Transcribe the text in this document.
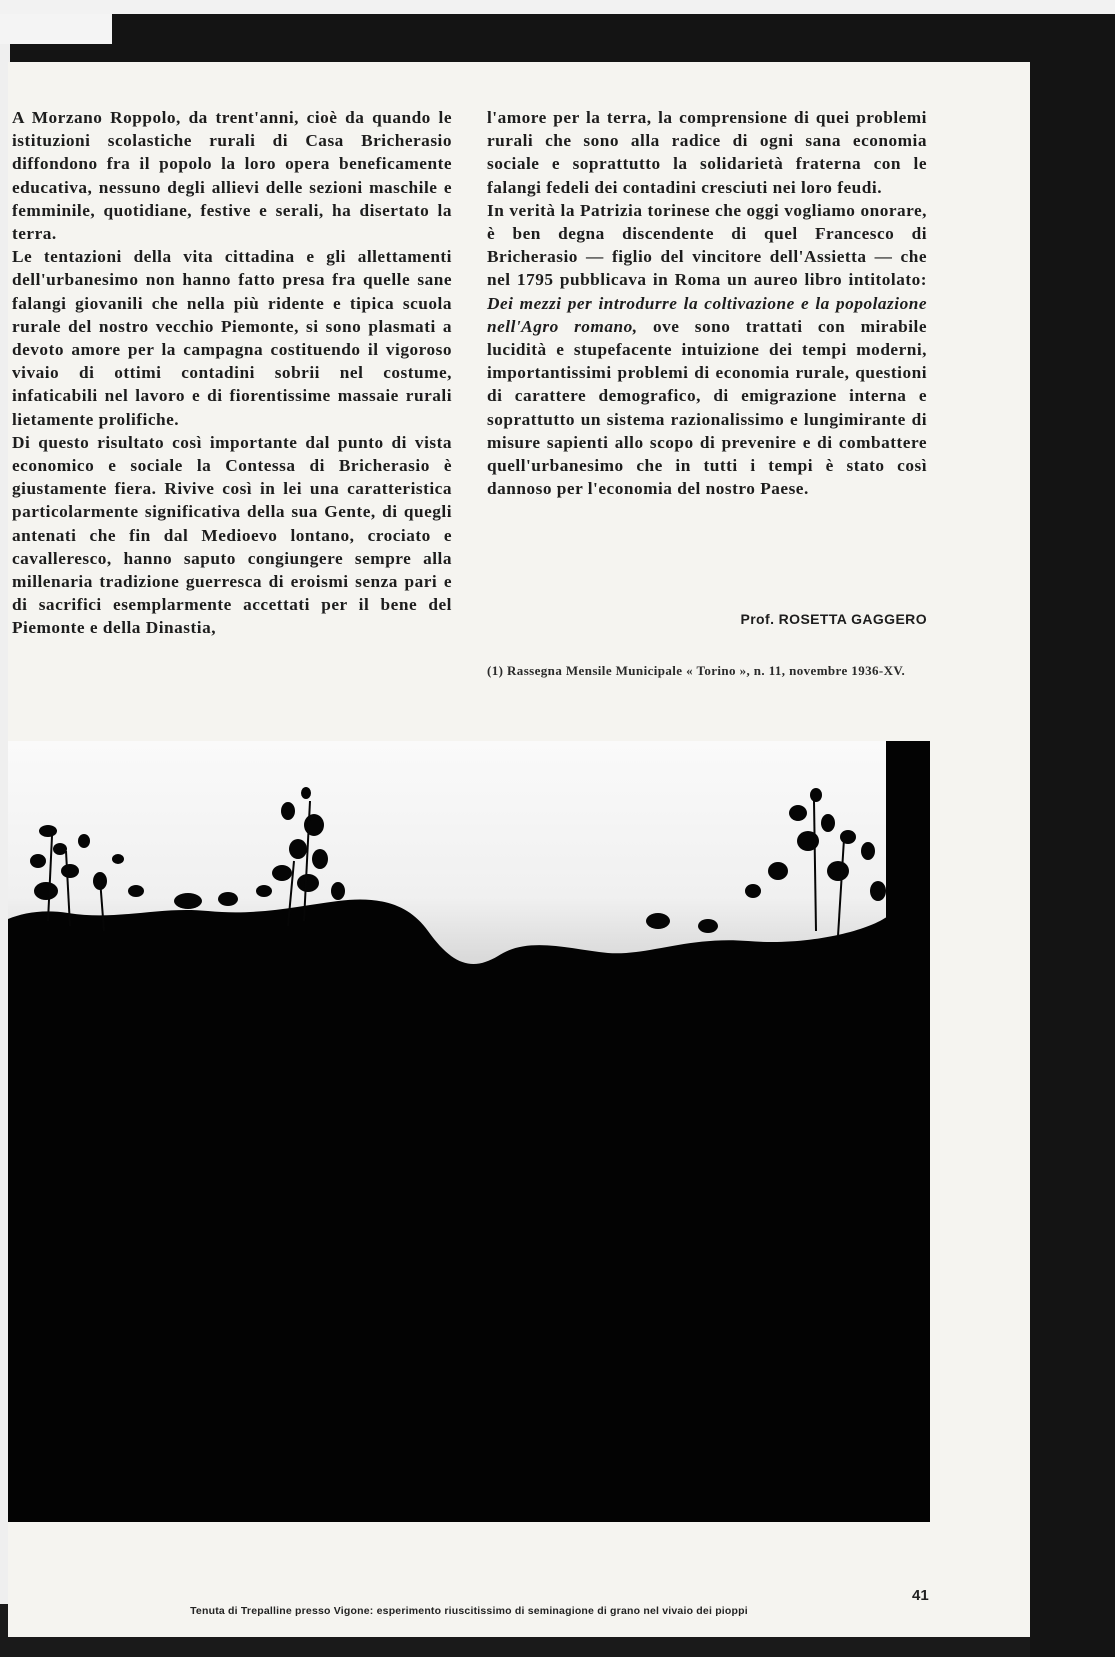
A Morzano Roppolo, da trent'anni, cioè da quando le istituzioni scolastiche rurali di Casa Bricherasio diffondono fra il popolo la loro opera beneficamente educativa, nessuno degli allievi delle sezioni maschile e femminile, quotidiane, festive e serali, ha disertato la terra.

Le tentazioni della vita cittadina e gli allettamenti dell'urbanesimo non hanno fatto presa fra quelle sane falangi giovanili che nella più ridente e tipica scuola rurale del nostro vecchio Piemonte, si sono plasmati a devoto amore per la campagna costituendo il vigoroso vivaio di ottimi contadini sobrii nel costume, infaticabili nel lavoro e di fiorentissime massaie rurali lietamente prolifiche.

Di questo risultato così importante dal punto di vista economico e sociale la Contessa di Bricherasio è giustamente fiera. Rivive così in lei una caratteristica particolarmente significativa della sua Gente, di quegli antenati che fin dal Medioevo lontano, crociato e cavalleresco, hanno saputo congiungere sempre alla millenaria tradizione guerresca di eroismi senza pari e di sacrifici esemplarmente accettati per il bene del Piemonte e della Dinastia,

l'amore per la terra, la comprensione di quei problemi rurali che sono alla radice di ogni sana economia sociale e soprattutto la solidarietà fraterna con le falangi fedeli dei contadini cresciuti nei loro feudi.

In verità la Patrizia torinese che oggi vogliamo onorare, è ben degna discendente di quel Francesco di Bricherasio — figlio del vincitore dell'Assietta — che nel 1795 pubblicava in Roma un aureo libro intitolato: Dei mezzi per introdurre la coltivazione e la popolazione nell'Agro romano, ove sono trattati con mirabile lucidità e stupefacente intuizione dei tempi moderni, importantissimi problemi di economia rurale, questioni di carattere demografico, di emigrazione interna e soprattutto un sistema razionalissimo e lungimirante di misure sapienti allo scopo di prevenire e di combattere quell'urbanesimo che in tutti i tempi è stato così dannoso per l'economia del nostro Paese.

Prof. ROSETTA GAGGERO
(1) Rassegna Mensile Municipale « Torino », n. 11, novembre 1936-XV.
Tenuta di Trepalline presso Vigone: esperimento riuscitissimo di seminagione di grano nel vivaio dei pioppi
41
